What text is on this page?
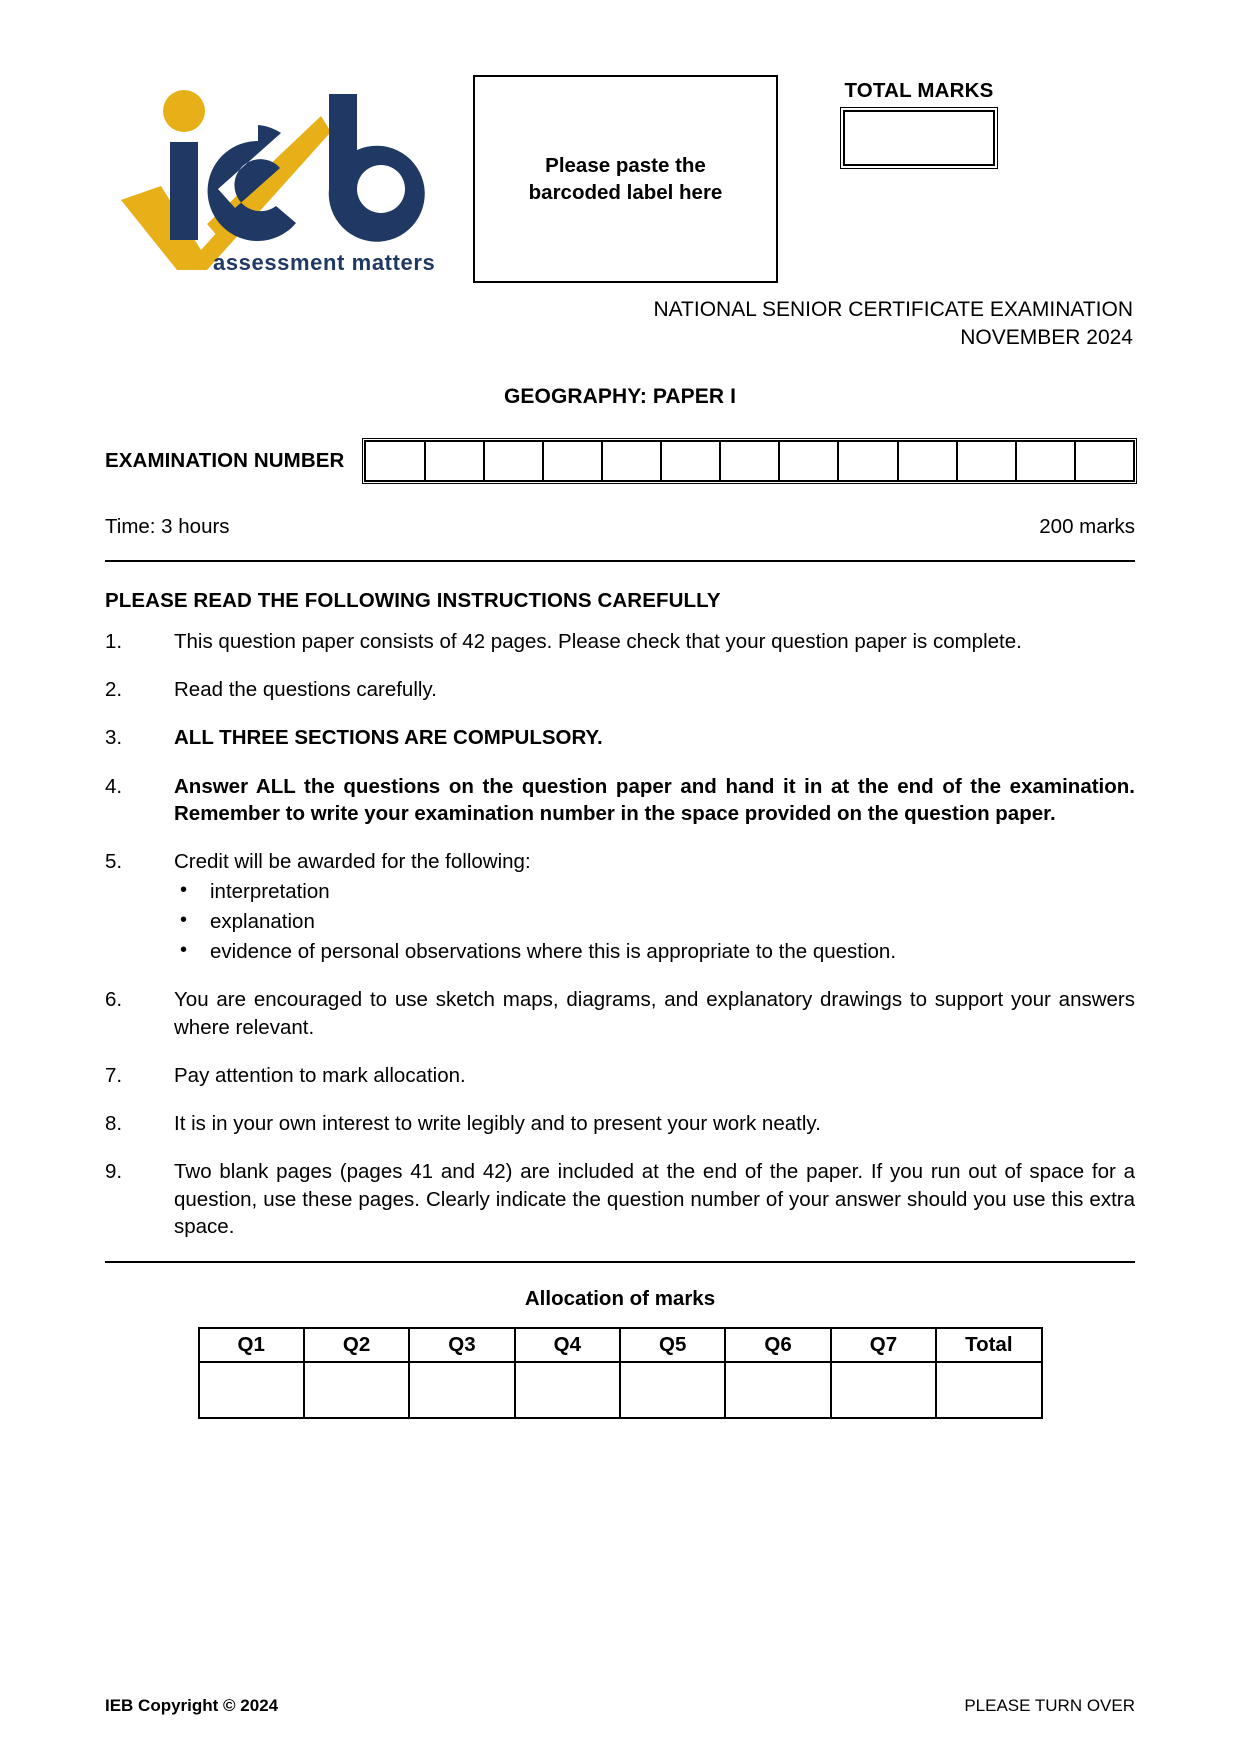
assessment matters
Please paste the barcoded label here
TOTAL MARKS
NATIONAL SENIOR CERTIFICATE EXAMINATION
NOVEMBER 2024
GEOGRAPHY: PAPER I
EXAMINATION NUMBER
Time: 3 hours	200 marks
PLEASE READ THE FOLLOWING INSTRUCTIONS CAREFULLY
1.	This question paper consists of 42 pages. Please check that your question paper is complete.
2.	Read the questions carefully.
3.	ALL THREE SECTIONS ARE COMPULSORY.
4.	Answer ALL the questions on the question paper and hand it in at the end of the examination. Remember to write your examination number in the space provided on the question paper.
5.	Credit will be awarded for the following:
• interpretation
• explanation
• evidence of personal observations where this is appropriate to the question.
6.	You are encouraged to use sketch maps, diagrams, and explanatory drawings to support your answers where relevant.
7.	Pay attention to mark allocation.
8.	It is in your own interest to write legibly and to present your work neatly.
9.	Two blank pages (pages 41 and 42) are included at the end of the paper. If you run out of space for a question, use these pages. Clearly indicate the question number of your answer should you use this extra space.
Allocation of marks
Q1	Q2	Q3	Q4	Q5	Q6	Q7	Total

IEB Copyright © 2024	PLEASE TURN OVER
